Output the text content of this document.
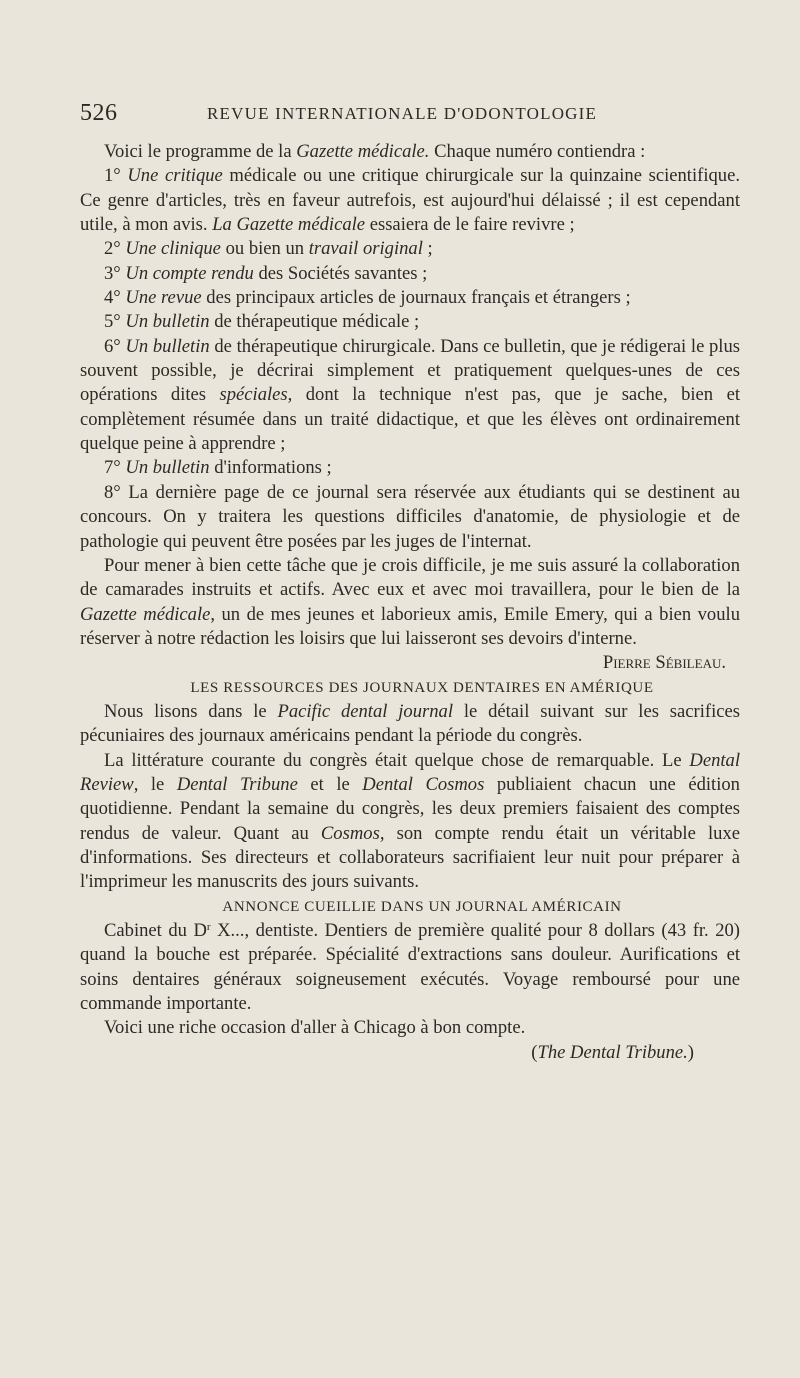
526	REVUE INTERNATIONALE D'ODONTOLOGIE

Voici le programme de la Gazette médicale. Chaque numéro contiendra :

1° Une critique médicale ou une critique chirurgicale sur la quinzaine scientifique. Ce genre d'articles, très en faveur autrefois, est aujourd'hui délaissé ; il est cependant utile, à mon avis. La Gazette médicale essaiera de le faire revivre ;

2° Une clinique ou bien un travail original ;

3° Un compte rendu des Sociétés savantes ;

4° Une revue des principaux articles de journaux français et étrangers ;

5° Un bulletin de thérapeutique médicale ;

6° Un bulletin de thérapeutique chirurgicale. Dans ce bulletin, que je rédigerai le plus souvent possible, je décrirai simplement et pratiquement quelques-unes de ces opérations dites spéciales, dont la technique n'est pas, que je sache, bien et complètement résumée dans un traité didactique, et que les élèves ont ordinairement quelque peine à apprendre ;

7° Un bulletin d'informations ;

8° La dernière page de ce journal sera réservée aux étudiants qui se destinent au concours. On y traitera les questions difficiles d'anatomie, de physiologie et de pathologie qui peuvent être posées par les juges de l'internat.

Pour mener à bien cette tâche que je crois difficile, je me suis assuré la collaboration de camarades instruits et actifs. Avec eux et avec moi travaillera, pour le bien de la Gazette médicale, un de mes jeunes et laborieux amis, Emile Emery, qui a bien voulu réserver à notre rédaction les loisirs que lui laisseront ses devoirs d'interne.

Pierre Sébileau.

LES RESSOURCES DES JOURNAUX DENTAIRES EN AMÉRIQUE

Nous lisons dans le Pacific dental journal le détail suivant sur les sacrifices pécuniaires des journaux américains pendant la période du congrès.

La littérature courante du congrès était quelque chose de remarquable. Le Dental Review, le Dental Tribune et le Dental Cosmos publiaient chacun une édition quotidienne. Pendant la semaine du congrès, les deux premiers faisaient des comptes rendus de valeur. Quant au Cosmos, son compte rendu était un véritable luxe d'informations. Ses directeurs et collaborateurs sacrifiaient leur nuit pour préparer à l'imprimeur les manuscrits des jours suivants.

ANNONCE CUEILLIE DANS UN JOURNAL AMÉRICAIN

Cabinet du $D^r$ X..., dentiste. Dentiers de première qualité pour 8 dollars (43 fr. 20) quand la bouche est préparée. Spécialité d'extractions sans douleur. Aurifications et soins dentaires généraux soigneusement exécutés. Voyage remboursé pour une commande importante.

Voici une riche occasion d'aller à Chicago à bon compte.

(The Dental Tribune.)
